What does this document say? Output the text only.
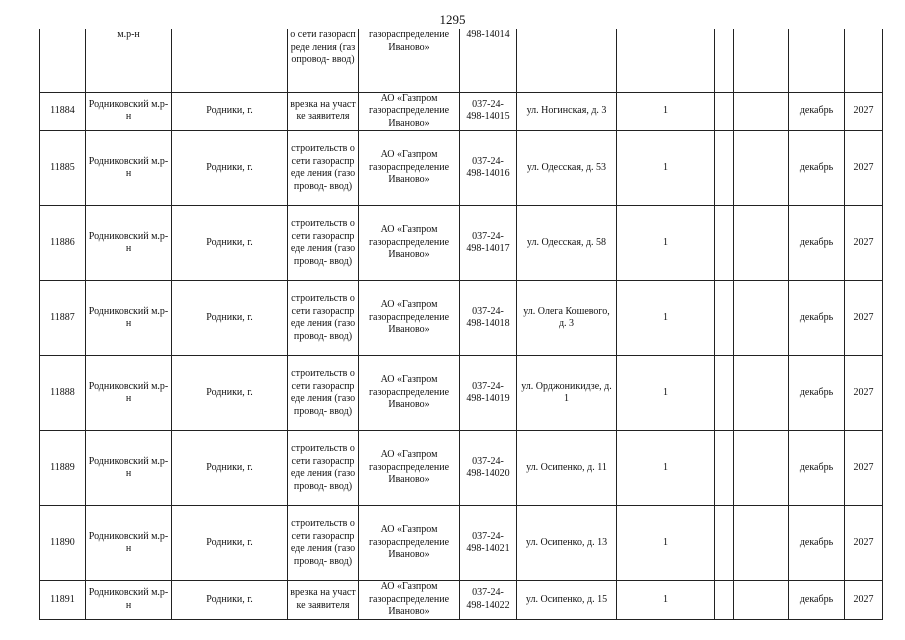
1295
	м.р-н		о сети газораспреде ления (газопровод- ввод)	газораспределение Иваново»	498-14014						
11884	Родниковский м.р-н	Родники, г.	врезка на участке заявителя	АО «Газпром газораспределение Иваново»	037-24- 498-14015	ул. Ногинская, д. 3	1			декабрь	2027
11885	Родниковский м.р-н	Родники, г.	строительств о сети газораспреде ления (газопровод- ввод)	АО «Газпром газораспределение Иваново»	037-24- 498-14016	ул. Одесская, д. 53	1			декабрь	2027
11886	Родниковский м.р-н	Родники, г.	строительств о сети газораспреде ления (газопровод- ввод)	АО «Газпром газораспределение Иваново»	037-24- 498-14017	ул. Одесская, д. 58	1			декабрь	2027
11887	Родниковский м.р-н	Родники, г.	строительств о сети газораспреде ления (газопровод- ввод)	АО «Газпром газораспределение Иваново»	037-24- 498-14018	ул. Олега Кошевого, д. 3	1			декабрь	2027
11888	Родниковский м.р-н	Родники, г.	строительств о сети газораспреде ления (газопровод- ввод)	АО «Газпром газораспределение Иваново»	037-24- 498-14019	ул. Орджоникидзе, д. 1	1			декабрь	2027
11889	Родниковский м.р-н	Родники, г.	строительств о сети газораспреде ления (газопровод- ввод)	АО «Газпром газораспределение Иваново»	037-24- 498-14020	ул. Осипенко, д. 11	1			декабрь	2027
11890	Родниковский м.р-н	Родники, г.	строительств о сети газораспреде ления (газопровод- ввод)	АО «Газпром газораспределение Иваново»	037-24- 498-14021	ул. Осипенко, д. 13	1			декабрь	2027
11891	Родниковский м.р-н	Родники, г.	врезка на участке заявителя	АО «Газпром газораспределение Иваново»	037-24- 498-14022	ул. Осипенко, д. 15	1			декабрь	2027
